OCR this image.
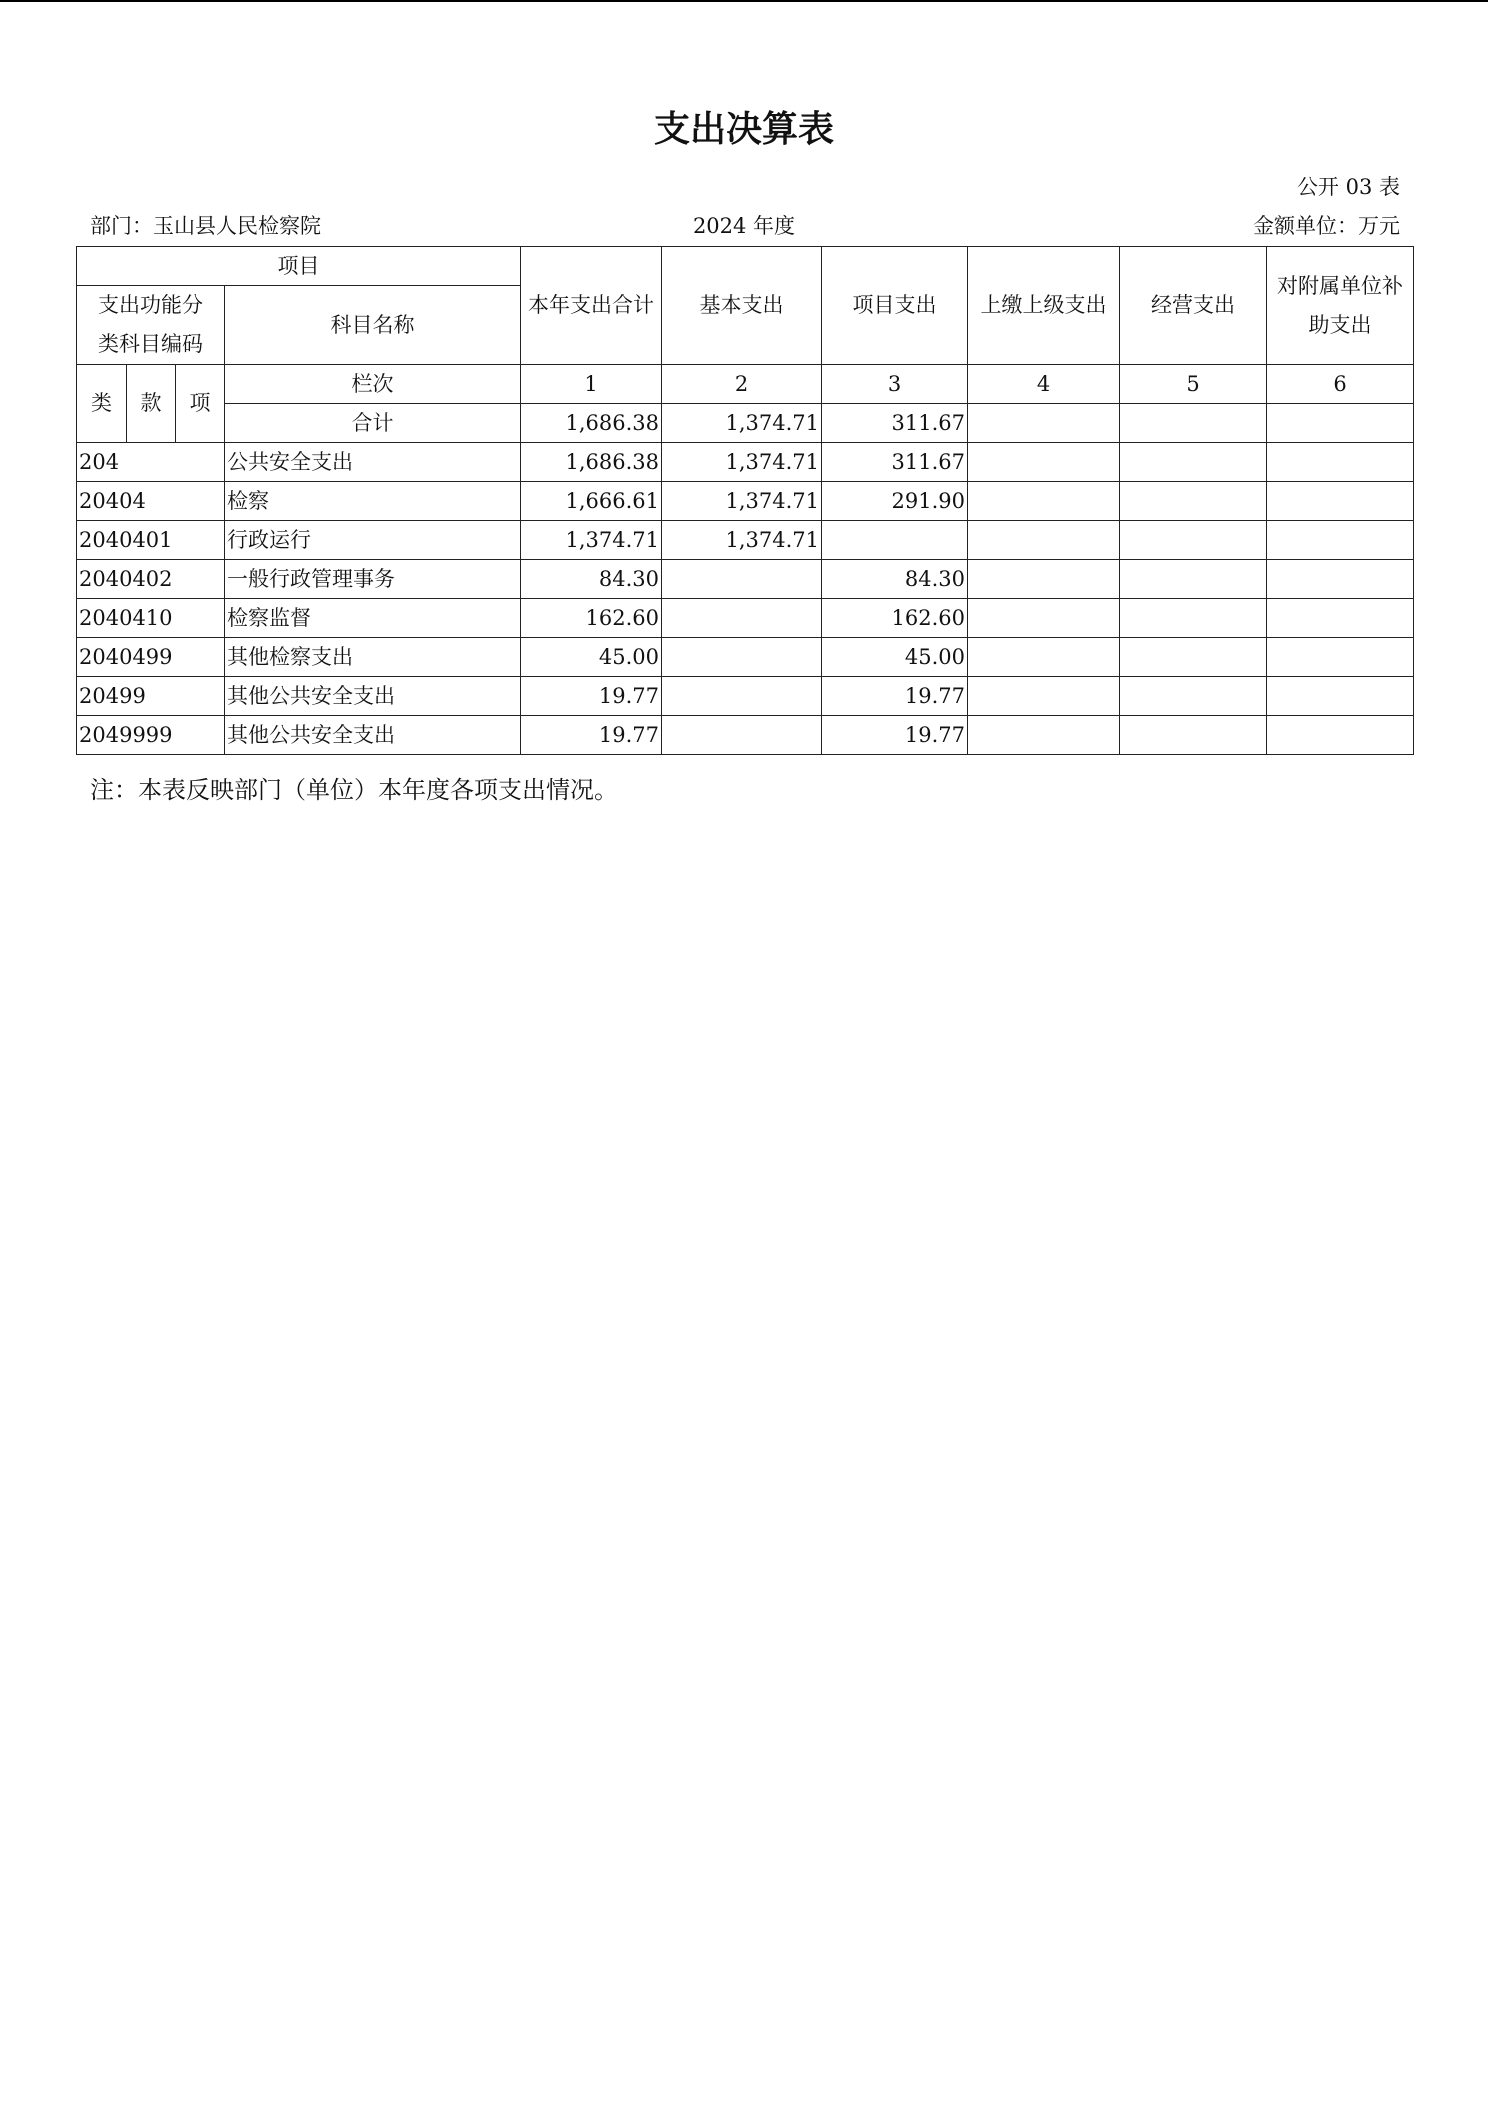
支出决算表
公开 03 表
部门：玉山县人民检察院	2024 年度	金额单位：万元
项目				本年支出合计	基本支出	项目支出	上缴上级支出	经营支出	对附属单位补助支出
支出功能分类科目编码			科目名称						
类	款	项	栏次	1	2	3	4	5	6
			合计	1,686.38	1,374.71	311.67			
204			公共安全支出	1,686.38	1,374.71	311.67			
20404			检察	1,666.61	1,374.71	291.90			
2040401			行政运行	1,374.71	1,374.71				
2040402			一般行政管理事务	84.30		84.30			
2040410			检察监督	162.60		162.60			
2040499			其他检察支出	45.00		45.00			
20499			其他公共安全支出	19.77		19.77			
2049999			其他公共安全支出	19.77		19.77			
注：本表反映部门（单位）本年度各项支出情况。
